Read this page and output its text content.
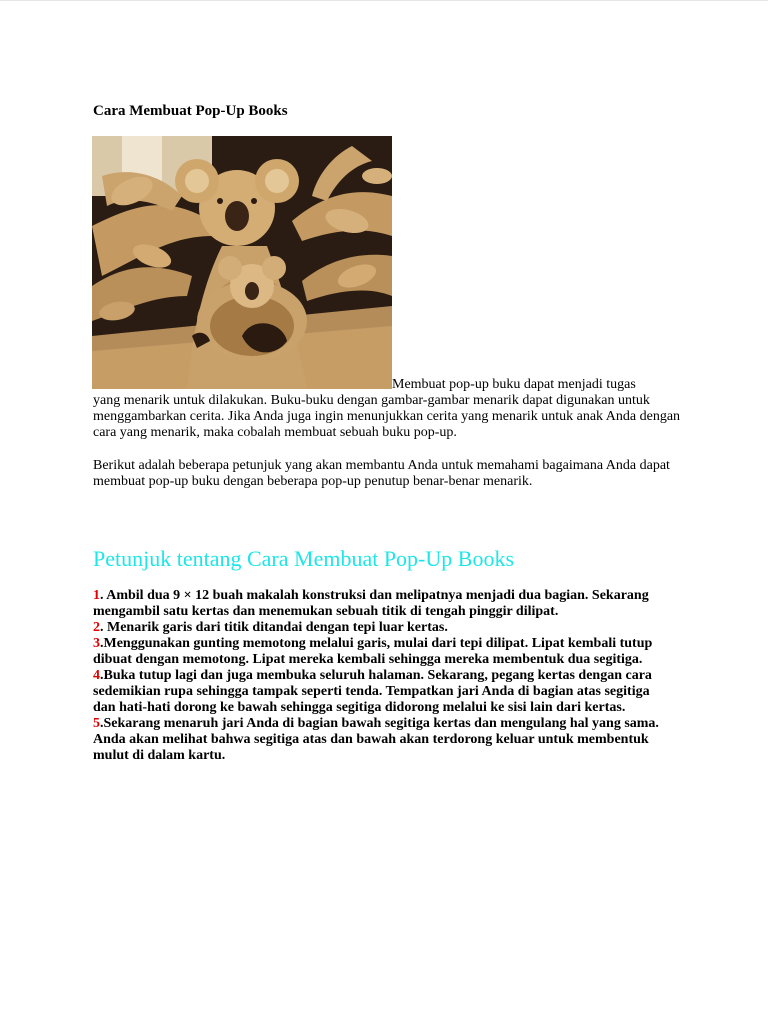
Cara Membuat Pop-Up Books
Membuat pop-up buku dapat menjadi tugas

yang menarik untuk dilakukan. Buku-buku dengan gambar-gambar menarik dapat digunakan untuk menggambarkan cerita. Jika Anda juga ingin menunjukkan cerita yang menarik untuk anak Anda dengan cara yang menarik, maka cobalah membuat sebuah buku pop-up.

Berikut adalah beberapa petunjuk yang akan membantu Anda untuk memahami bagaimana Anda dapat membuat pop-up buku dengan beberapa pop-up penutup benar-benar menarik.

Petunjuk tentang Cara Membuat Pop-Up Books

1. Ambil dua 9 × 12 buah makalah konstruksi dan melipatnya menjadi dua bagian. Sekarang mengambil satu kertas dan menemukan sebuah titik di tengah pinggir dilipat.

2. Menarik garis dari titik ditandai dengan tepi luar kertas.

3.Menggunakan gunting memotong melalui garis, mulai dari tepi dilipat. Lipat kembali tutup dibuat dengan memotong. Lipat mereka kembali sehingga mereka membentuk dua segitiga.

4.Buka tutup lagi dan juga membuka seluruh halaman. Sekarang, pegang kertas dengan cara sedemikian rupa sehingga tampak seperti tenda. Tempatkan jari Anda di bagian atas segitiga dan hati-hati dorong ke bawah sehingga segitiga didorong melalui ke sisi lain dari kertas.

5.Sekarang menaruh jari Anda di bagian bawah segitiga kertas dan mengulang hal yang sama. Anda akan melihat bahwa segitiga atas dan bawah akan terdorong keluar untuk membentuk mulut di dalam kartu.
